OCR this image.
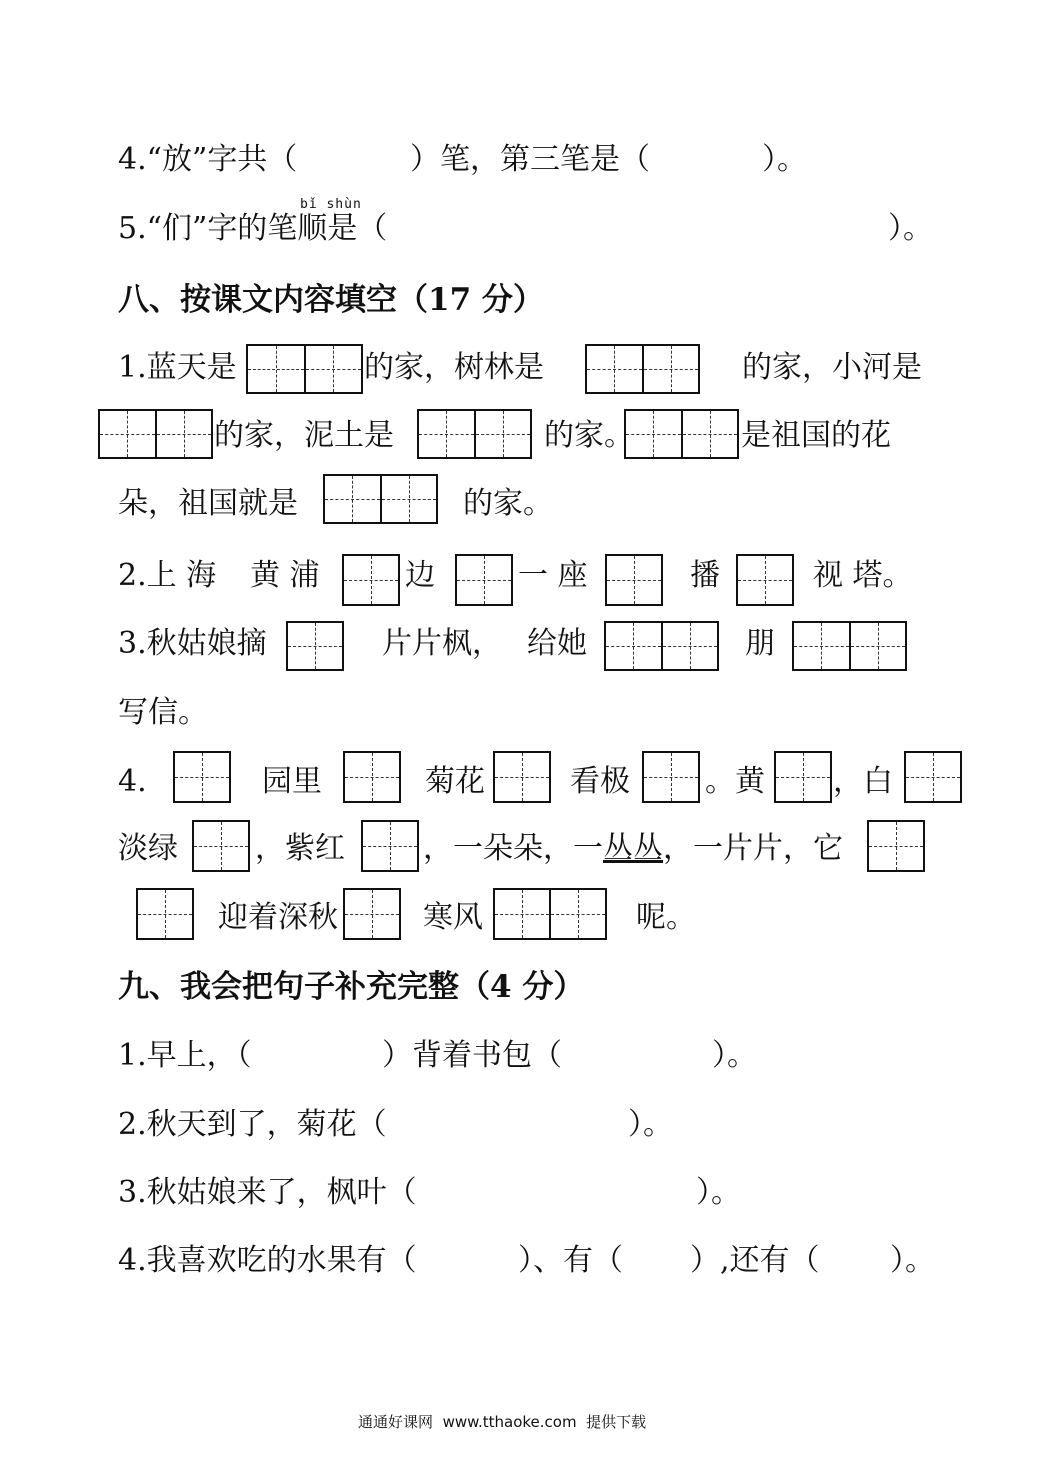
4.“放”字共（	）笔，第三笔是（	）。
bǐ shùn
5.“们”字的笔顺是（	）。
八、按课文内容填空（17 分）
1.蓝天是	的家，树林是	的家，小河是
的家，泥土是	的家。	是祖国的花
朵，祖国就是	的家。
2.上 海 黄 浦	边	一 座	播	视 塔。
3.秋姑娘摘	片片枫， 给她	朋
写信。
4.	园里	菊花	看极	。黄 ，白
淡绿	，紫红	，一朵朵，一丛丛，一片片，它
迎着深秋	寒风	呢。
九、我会把句子补充完整（4 分）
1.早上，（	）背着书包（	）。
2.秋天到了，菊花（	）。
3.秋姑娘来了，枫叶（	）。
4.我喜欢吃的水果有（	）、有（ ）,还有（ ）。
通通好课网 www.tthaoke.com 提供下载
